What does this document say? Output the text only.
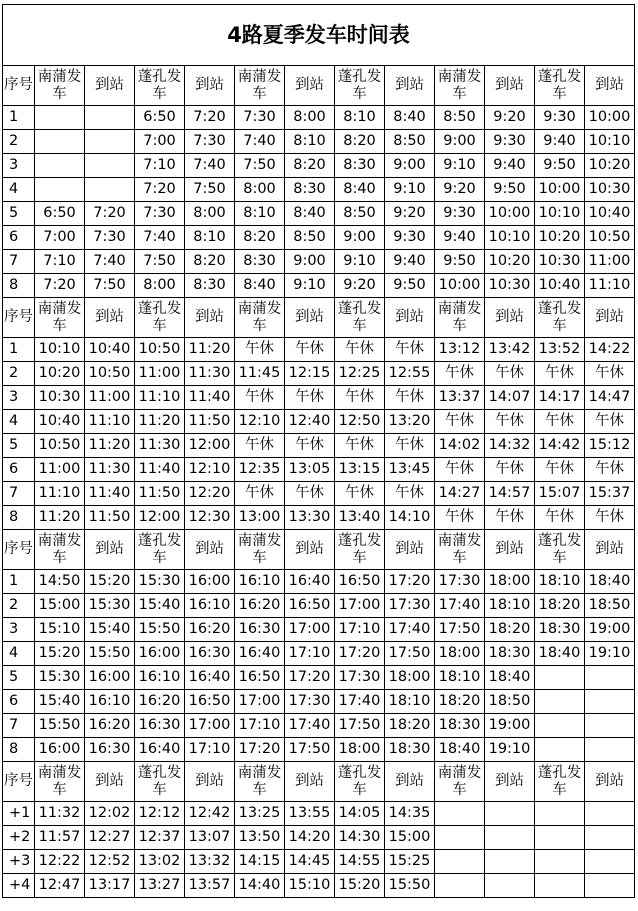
4路夏季发车时间表												
序号	南蒲发车	到站	蓬孔发车	到站	南蒲发车	到站	蓬孔发车	到站	南蒲发车	到站	蓬孔发车	到站
1			6:50	7:20	7:30	8:00	8:10	8:40	8:50	9:20	9:30	10:00
2			7:00	7:30	7:40	8:10	8:20	8:50	9:00	9:30	9:40	10:10
3			7:10	7:40	7:50	8:20	8:30	9:00	9:10	9:40	9:50	10:20
4			7:20	7:50	8:00	8:30	8:40	9:10	9:20	9:50	10:00	10:30
5	6:50	7:20	7:30	8:00	8:10	8:40	8:50	9:20	9:30	10:00	10:10	10:40
6	7:00	7:30	7:40	8:10	8:20	8:50	9:00	9:30	9:40	10:10	10:20	10:50
7	7:10	7:40	7:50	8:20	8:30	9:00	9:10	9:40	9:50	10:20	10:30	11:00
8	7:20	7:50	8:00	8:30	8:40	9:10	9:20	9:50	10:00	10:30	10:40	11:10
序号	南蒲发车	到站	蓬孔发车	到站	南蒲发车	到站	蓬孔发车	到站	南蒲发车	到站	蓬孔发车	到站
1	10:10	10:40	10:50	11:20	午休	午休	午休	午休	13:12	13:42	13:52	14:22
2	10:20	10:50	11:00	11:30	11:45	12:15	12:25	12:55	午休	午休	午休	午休
3	10:30	11:00	11:10	11:40	午休	午休	午休	午休	13:37	14:07	14:17	14:47
4	10:40	11:10	11:20	11:50	12:10	12:40	12:50	13:20	午休	午休	午休	午休
5	10:50	11:20	11:30	12:00	午休	午休	午休	午休	14:02	14:32	14:42	15:12
6	11:00	11:30	11:40	12:10	12:35	13:05	13:15	13:45	午休	午休	午休	午休
7	11:10	11:40	11:50	12:20	午休	午休	午休	午休	14:27	14:57	15:07	15:37
8	11:20	11:50	12:00	12:30	13:00	13:30	13:40	14:10	午休	午休	午休	午休
序号	南蒲发车	到站	蓬孔发车	到站	南蒲发车	到站	蓬孔发车	到站	南蒲发车	到站	蓬孔发车	到站
1	14:50	15:20	15:30	16:00	16:10	16:40	16:50	17:20	17:30	18:00	18:10	18:40
2	15:00	15:30	15:40	16:10	16:20	16:50	17:00	17:30	17:40	18:10	18:20	18:50
3	15:10	15:40	15:50	16:20	16:30	17:00	17:10	17:40	17:50	18:20	18:30	19:00
4	15:20	15:50	16:00	16:30	16:40	17:10	17:20	17:50	18:00	18:30	18:40	19:10
5	15:30	16:00	16:10	16:40	16:50	17:20	17:30	18:00	18:10	18:40		
6	15:40	16:10	16:20	16:50	17:00	17:30	17:40	18:10	18:20	18:50		
7	15:50	16:20	16:30	17:00	17:10	17:40	17:50	18:20	18:30	19:00		
8	16:00	16:30	16:40	17:10	17:20	17:50	18:00	18:30	18:40	19:10		
序号	南蒲发车	到站	蓬孔发车	到站	南蒲发车	到站	蓬孔发车	到站	南蒲发车	到站	蓬孔发车	到站
+1	11:32	12:02	12:12	12:42	13:25	13:55	14:05	14:35				
+2	11:57	12:27	12:37	13:07	13:50	14:20	14:30	15:00				
+3	12:22	12:52	13:02	13:32	14:15	14:45	14:55	15:25				
+4	12:47	13:17	13:27	13:57	14:40	15:10	15:20	15:50				
